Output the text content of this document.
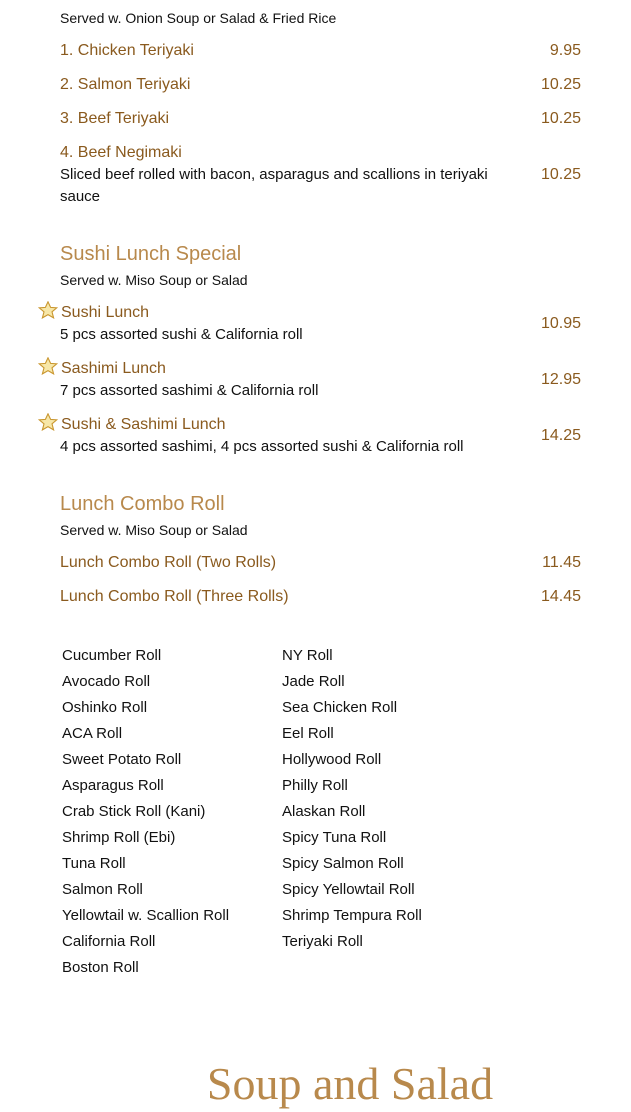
Served w. Onion Soup or Salad & Fried Rice
1. Chicken Teriyaki	9.95
2. Salmon Teriyaki	10.25
3. Beef Teriyaki	10.25
4. Beef Negimaki
Sliced beef rolled with bacon, asparagus and scallions in teriyaki sauce
10.25
Sushi Lunch Special
Served w. Miso Soup or Salad
Sushi Lunch
5 pcs assorted sushi & California roll
10.95
Sashimi Lunch
7 pcs assorted sashimi & California roll
12.95
Sushi & Sashimi Lunch
4 pcs assorted sashimi, 4 pcs assorted sushi & California roll
14.25
Lunch Combo Roll
Served w. Miso Soup or Salad
Lunch Combo Roll (Two Rolls)	11.45
Lunch Combo Roll (Three Rolls)	14.45
Cucumber Roll
Avocado Roll
Oshinko Roll
ACA Roll
Sweet Potato Roll
Asparagus Roll
Crab Stick Roll (Kani)
Shrimp Roll (Ebi)
Tuna Roll
Salmon Roll
Yellowtail w. Scallion Roll
California Roll
Boston Roll
NY Roll
Jade Roll
Sea Chicken Roll
Eel Roll
Hollywood Roll
Philly Roll
Alaskan Roll
Spicy Tuna Roll
Spicy Salmon Roll
Spicy Yellowtail Roll
Shrimp Tempura Roll
Teriyaki Roll
Soup and Salad
